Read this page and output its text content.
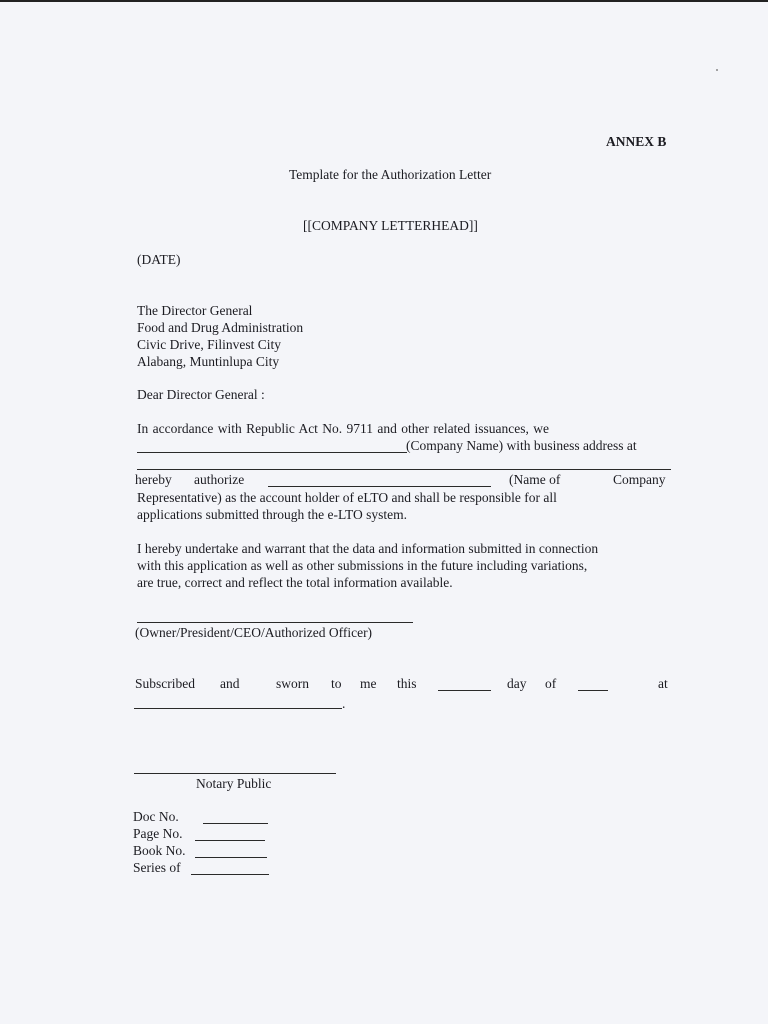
ANNEX B
Template for the Authorization Letter
[[COMPANY LETTERHEAD]]
(DATE)
The Director General
Food and Drug Administration
Civic Drive, Filinvest City
Alabang, Muntinlupa City
Dear Director General :
In accordance with Republic Act No. 9711 and other related issuances, we
(Company Name) with business address at
hereby authorize	(Name of	Company
Representative) as the account holder of eLTO and shall be responsible for all
applications submitted through the e-LTO system.
I hereby undertake and warrant that the data and information submitted in connection
with this application as well as other submissions in the future including variations,
are true, correct and reflect the total information available.
(Owner/President/CEO/Authorized Officer)
Subscribed and	sworn to me this	day of	at
.
Notary Public
Doc No.
Page No.
Book No.
Series of
